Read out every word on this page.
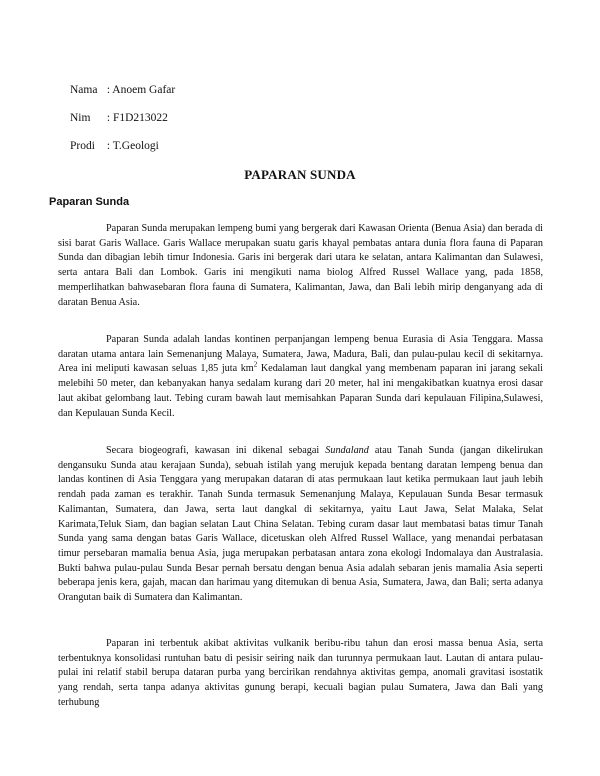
Nama : Anoem Gafar
Nim : F1D213022
Prodi : T.Geologi
PAPARAN SUNDA
Paparan Sunda

Paparan Sunda merupakan lempeng bumi yang bergerak dari Kawasan Orienta (Benua Asia) dan berada di sisi barat Garis Wallace. Garis Wallace merupakan suatu garis khayal pembatas antara dunia flora fauna di Paparan Sunda dan dibagian lebih timur Indonesia. Garis ini bergerak dari utara ke selatan, antara Kalimantan dan Sulawesi, serta antara Bali dan Lombok. Garis ini mengikuti nama biolog Alfred Russel Wallace yang, pada 1858, memperlihatkan bahwasebaran flora fauna di Sumatera, Kalimantan, Jawa, dan Bali lebih mirip denganyang ada di daratan Benua Asia.

Paparan Sunda adalah landas kontinen perpanjangan lempeng benua Eurasia di Asia Tenggara. Massa daratan utama antara lain Semenanjung Malaya, Sumatera, Jawa, Madura, Bali, dan pulau-pulau kecil di sekitarnya. Area ini meliputi kawasan seluas 1,85 juta $km^2$ Kedalaman laut dangkal yang membenam paparan ini jarang sekali melebihi 50 meter, dan kebanyakan hanya sedalam kurang dari 20 meter, hal ini mengakibatkan kuatnya erosi dasar laut akibat gelombang laut. Tebing curam bawah laut memisahkan Paparan Sunda dari kepulauan Filipina,Sulawesi, dan Kepulauan Sunda Kecil.

Secara biogeografi, kawasan ini dikenal sebagai Sundaland atau Tanah Sunda (jangan dikelirukan dengansuku Sunda atau kerajaan Sunda), sebuah istilah yang merujuk kepada bentang daratan lempeng benua dan landas kontinen di Asia Tenggara yang merupakan dataran di atas permukaan laut ketika permukaan laut jauh lebih rendah pada zaman es terakhir. Tanah Sunda termasuk Semenanjung Malaya, Kepulauan Sunda Besar termasuk Kalimantan, Sumatera, dan Jawa, serta laut dangkal di sekitarnya, yaitu Laut Jawa, Selat Malaka, Selat Karimata,Teluk Siam, dan bagian selatan Laut China Selatan. Tebing curam dasar laut membatasi batas timur Tanah Sunda yang sama dengan batas Garis Wallace, dicetuskan oleh Alfred Russel Wallace, yang menandai perbatasan timur persebaran mamalia benua Asia, juga merupakan perbatasan antara zona ekologi Indomalaya dan Australasia. Bukti bahwa pulau-pulau Sunda Besar pernah bersatu dengan benua Asia adalah sebaran jenis mamalia Asia seperti beberapa jenis kera, gajah, macan dan harimau yang ditemukan di benua Asia, Sumatera, Jawa, dan Bali; serta adanya Orangutan baik di Sumatera dan Kalimantan.

Paparan ini terbentuk akibat aktivitas vulkanik beribu-ribu tahun dan erosi massa benua Asia, serta terbentuknya konsolidasi runtuhan batu di pesisir seiring naik dan turunnya permukaan laut. Lautan di antara pulau-pulai ini relatif stabil berupa dataran purba yang bercirikan rendahnya aktivitas gempa, anomali gravitasi isostatik yang rendah, serta tanpa adanya aktivitas gunung berapi, kecuali bagian pulau Sumatera, Jawa dan Bali yang terhubung
